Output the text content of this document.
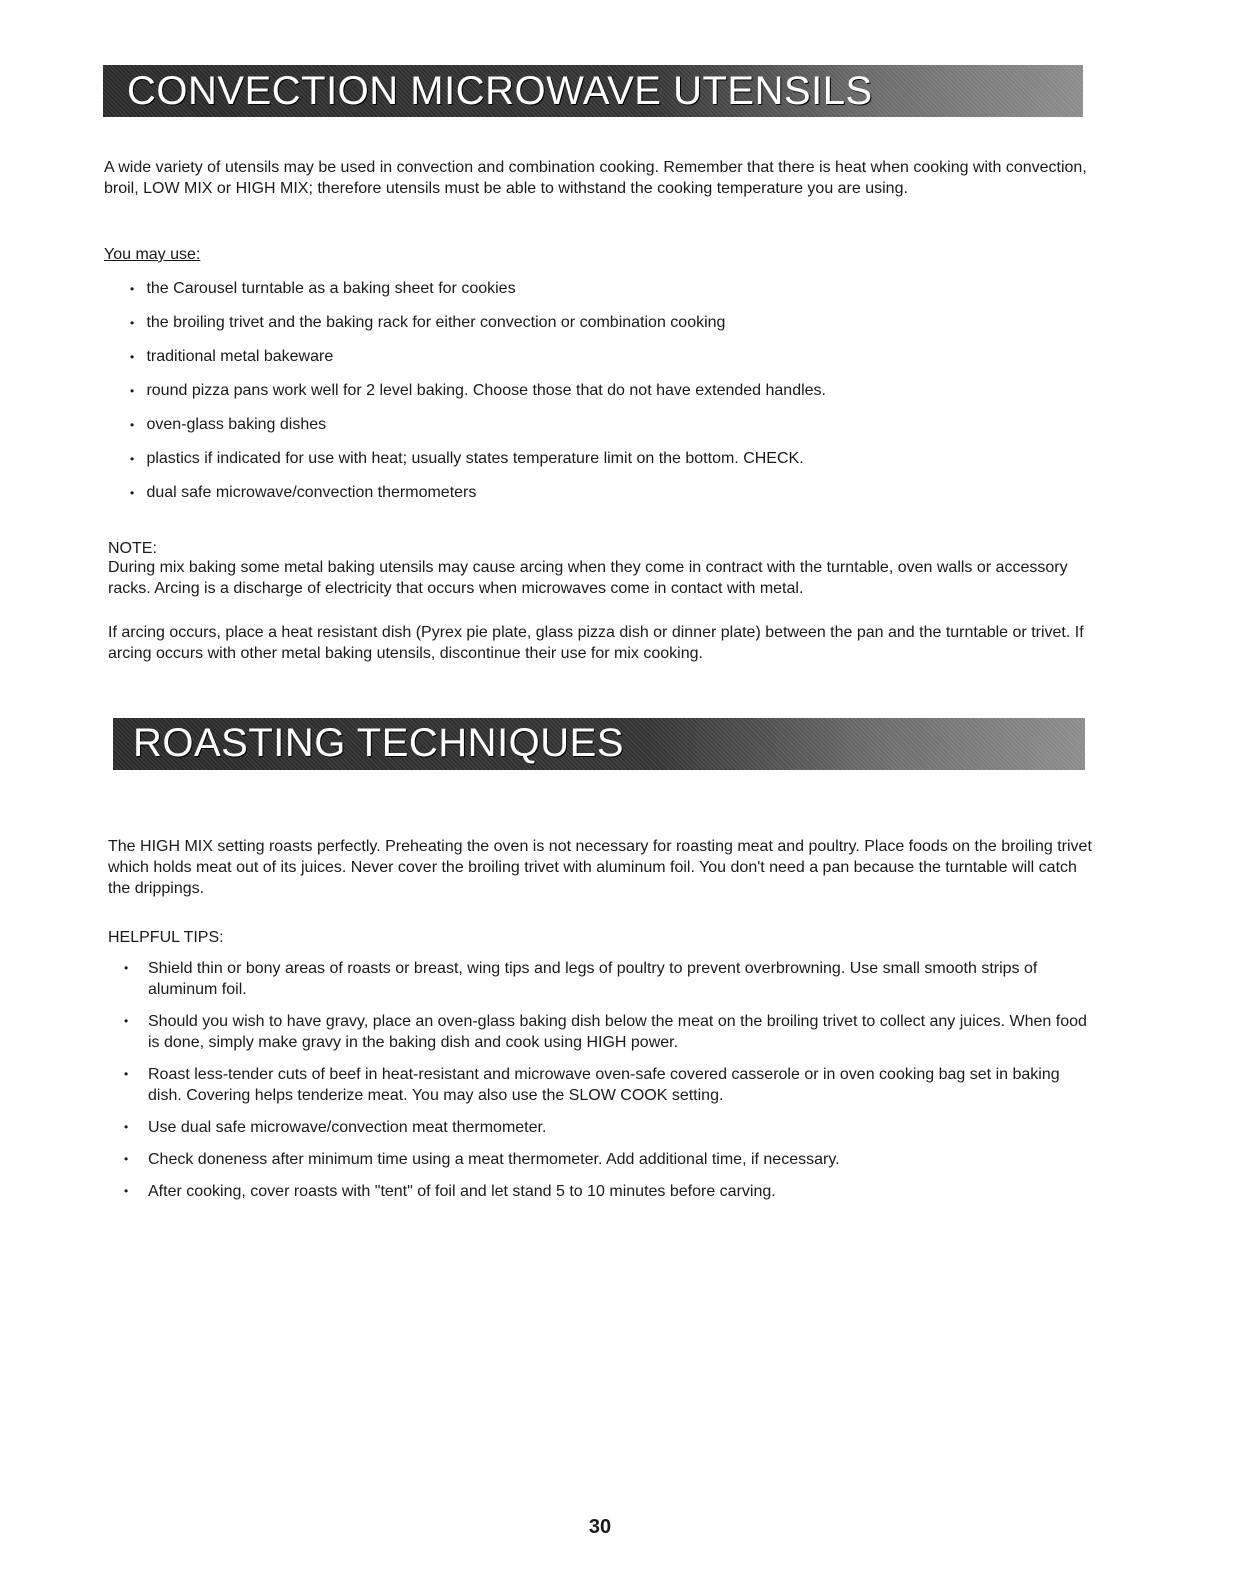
CONVECTION MICROWAVE UTENSILS
A wide variety of utensils may be used in convection and combination cooking. Remember that there is heat when cooking with convection, broil, LOW MIX or HIGH MIX; therefore utensils must be able to withstand the cooking temperature you are using.
You may use:
• the Carousel turntable as a baking sheet for cookies
• the broiling trivet and the baking rack for either convection or combination cooking
• traditional metal bakeware
• round pizza pans work well for 2 level baking. Choose those that do not have extended handles.
• oven-glass baking dishes
• plastics if indicated for use with heat; usually states temperature limit on the bottom. CHECK.
• dual safe microwave/convection thermometers
NOTE:
During mix baking some metal baking utensils may cause arcing when they come in contract with the turntable, oven walls or accessory racks. Arcing is a discharge of electricity that occurs when microwaves come in contact with metal.
If arcing occurs, place a heat resistant dish (Pyrex pie plate, glass pizza dish or dinner plate) between the pan and the turntable or trivet. If arcing occurs with other metal baking utensils, discontinue their use for mix cooking.
ROASTING TECHNIQUES
The HIGH MIX setting roasts perfectly. Preheating the oven is not necessary for roasting meat and poultry. Place foods on the broiling trivet which holds meat out of its juices. Never cover the broiling trivet with aluminum foil. You don't need a pan because the turntable will catch the drippings.
HELPFUL TIPS:
• Shield thin or bony areas of roasts or breast, wing tips and legs of poultry to prevent overbrowning. Use small smooth strips of aluminum foil.
• Should you wish to have gravy, place an oven-glass baking dish below the meat on the broiling trivet to collect any juices. When food is done, simply make gravy in the baking dish and cook using HIGH power.
• Roast less-tender cuts of beef in heat-resistant and microwave oven-safe covered casserole or in oven cooking bag set in baking dish. Covering helps tenderize meat. You may also use the SLOW COOK setting.
• Use dual safe microwave/convection meat thermometer.
• Check doneness after minimum time using a meat thermometer. Add additional time, if necessary.
• After cooking, cover roasts with "tent" of foil and let stand 5 to 10 minutes before carving.
30
